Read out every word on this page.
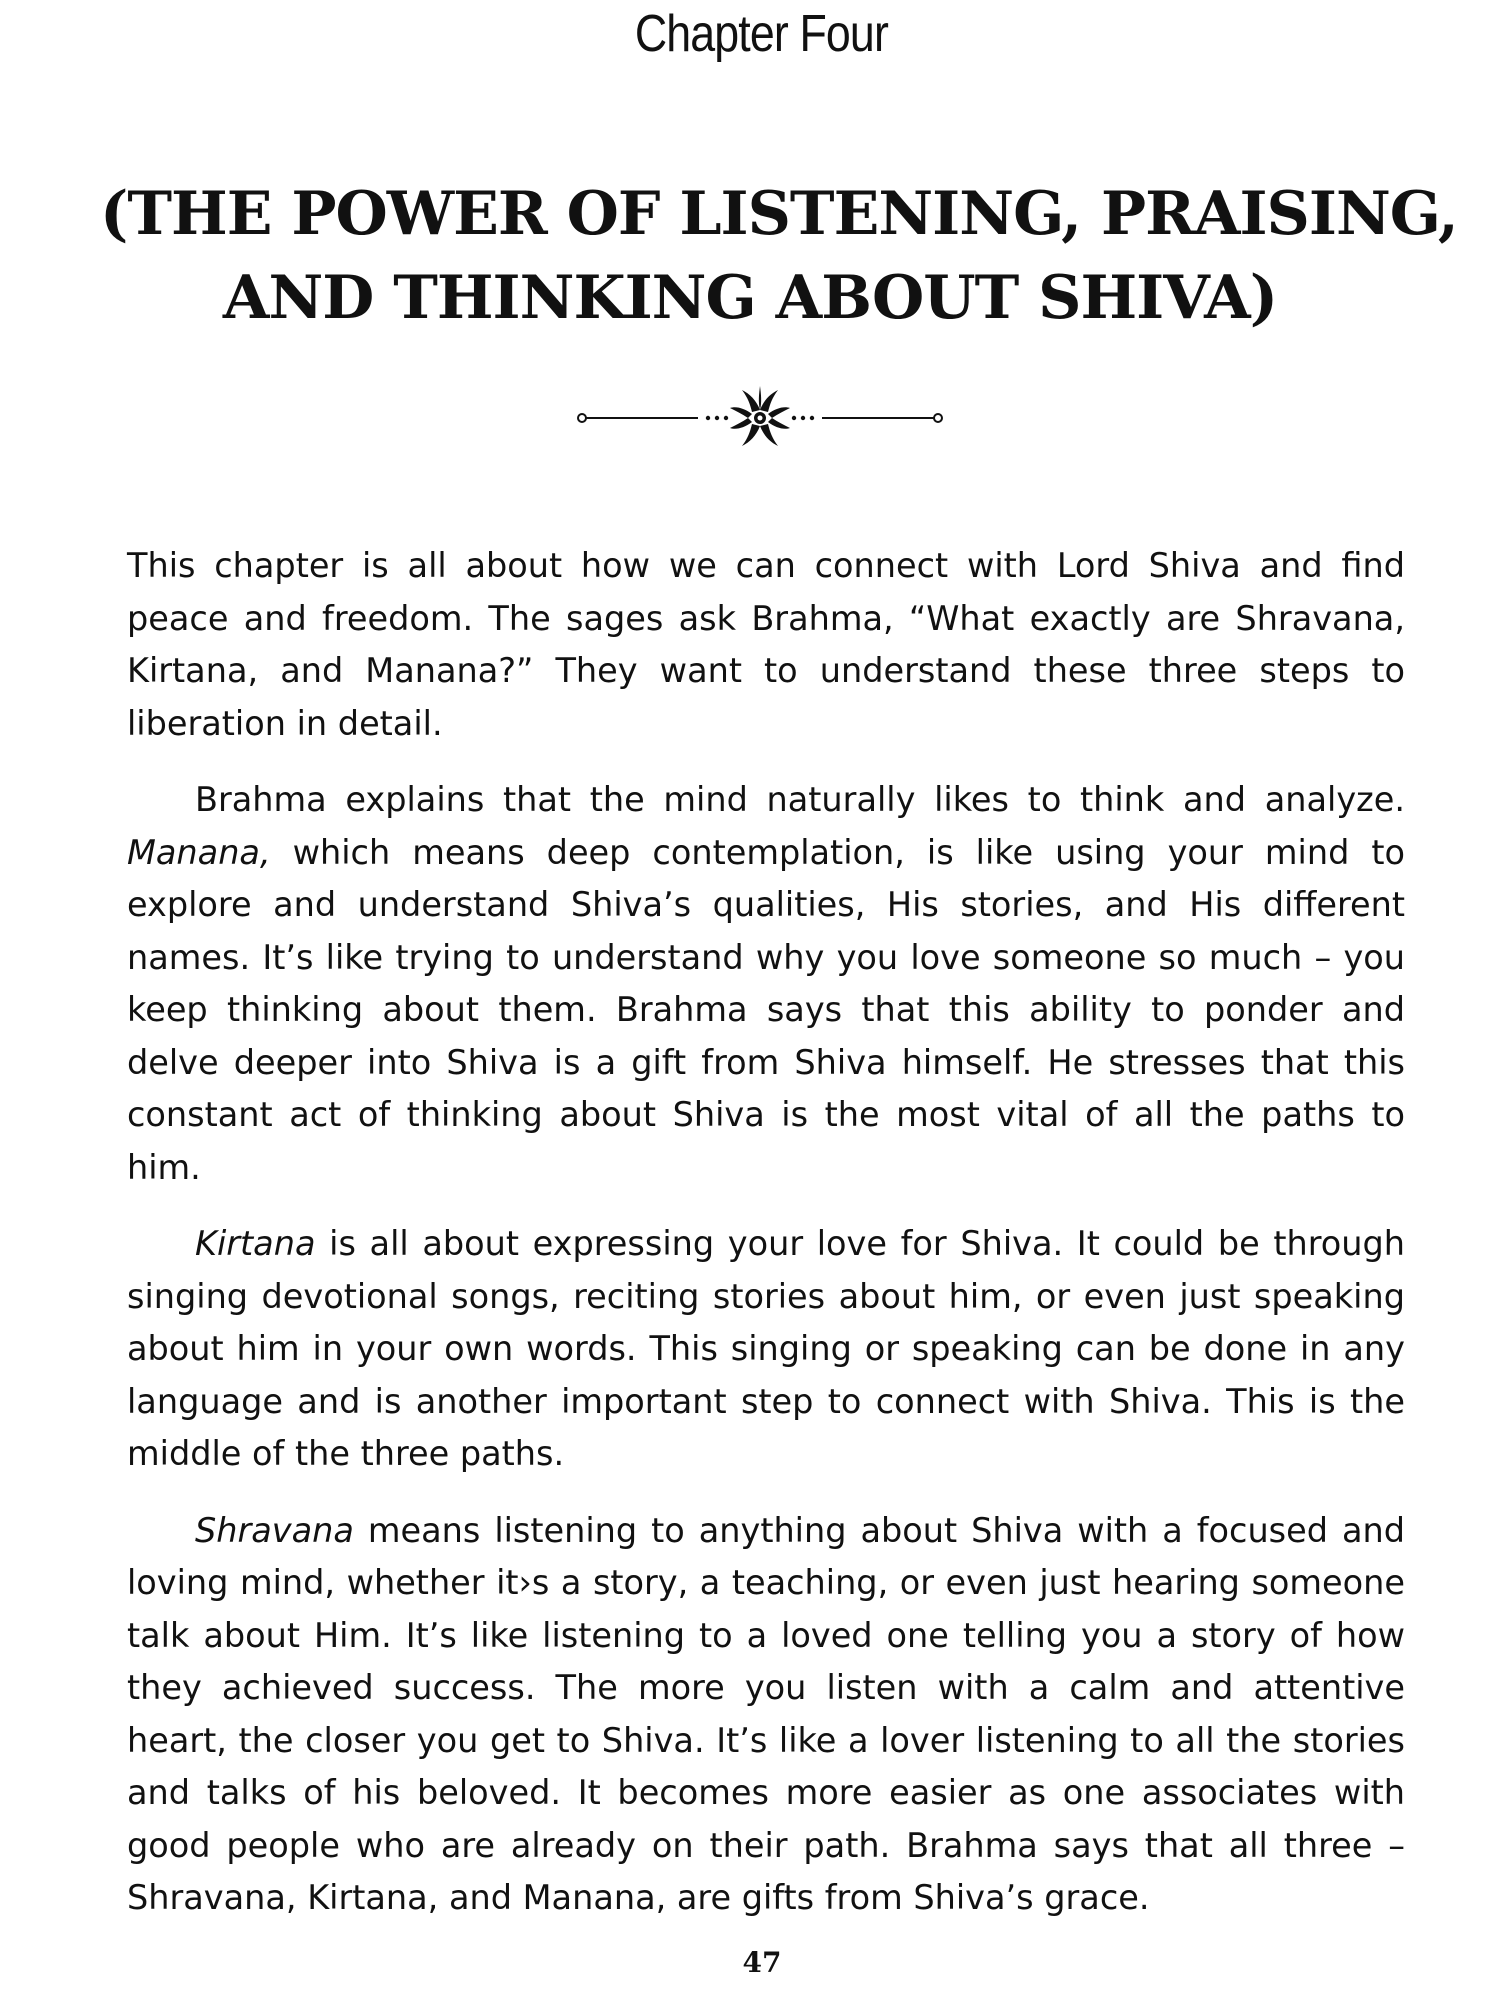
Chapter Four
(THE POWER OF LISTENING, PRAISING,
AND THINKING ABOUT SHIVA)

This chapter is all about how we can connect with Lord Shiva and find peace and freedom. The sages ask Brahma, “What exactly are Shravana, Kirtana, and Manana?” They want to understand these three steps to liberation in detail.

Brahma explains that the mind naturally likes to think and analyze. Manana, which means deep contemplation, is like using your mind to explore and understand Shiva’s qualities, His stories, and His different names. It’s like trying to understand why you love someone so much – you keep thinking about them. Brahma says that this ability to ponder and delve deeper into Shiva is a gift from Shiva himself. He stresses that this constant act of thinking about Shiva is the most vital of all the paths to him.

Kirtana is all about expressing your love for Shiva. It could be through singing devotional songs, reciting stories about him, or even just speaking about him in your own words. This singing or speaking can be done in any language and is another important step to connect with Shiva. This is the middle of the three paths.

Shravana means listening to anything about Shiva with a focused and loving mind, whether it›s a story, a teaching, or even just hearing someone talk about Him. It’s like listening to a loved one telling you a story of how they achieved success. The more you listen with a calm and attentive heart, the closer you get to Shiva. It’s like a lover listening to all the stories and talks of his beloved. It becomes more easier as one associates with good people who are already on their path. Brahma says that all three – Shravana, Kirtana, and Manana, are gifts from Shiva’s grace.

47
